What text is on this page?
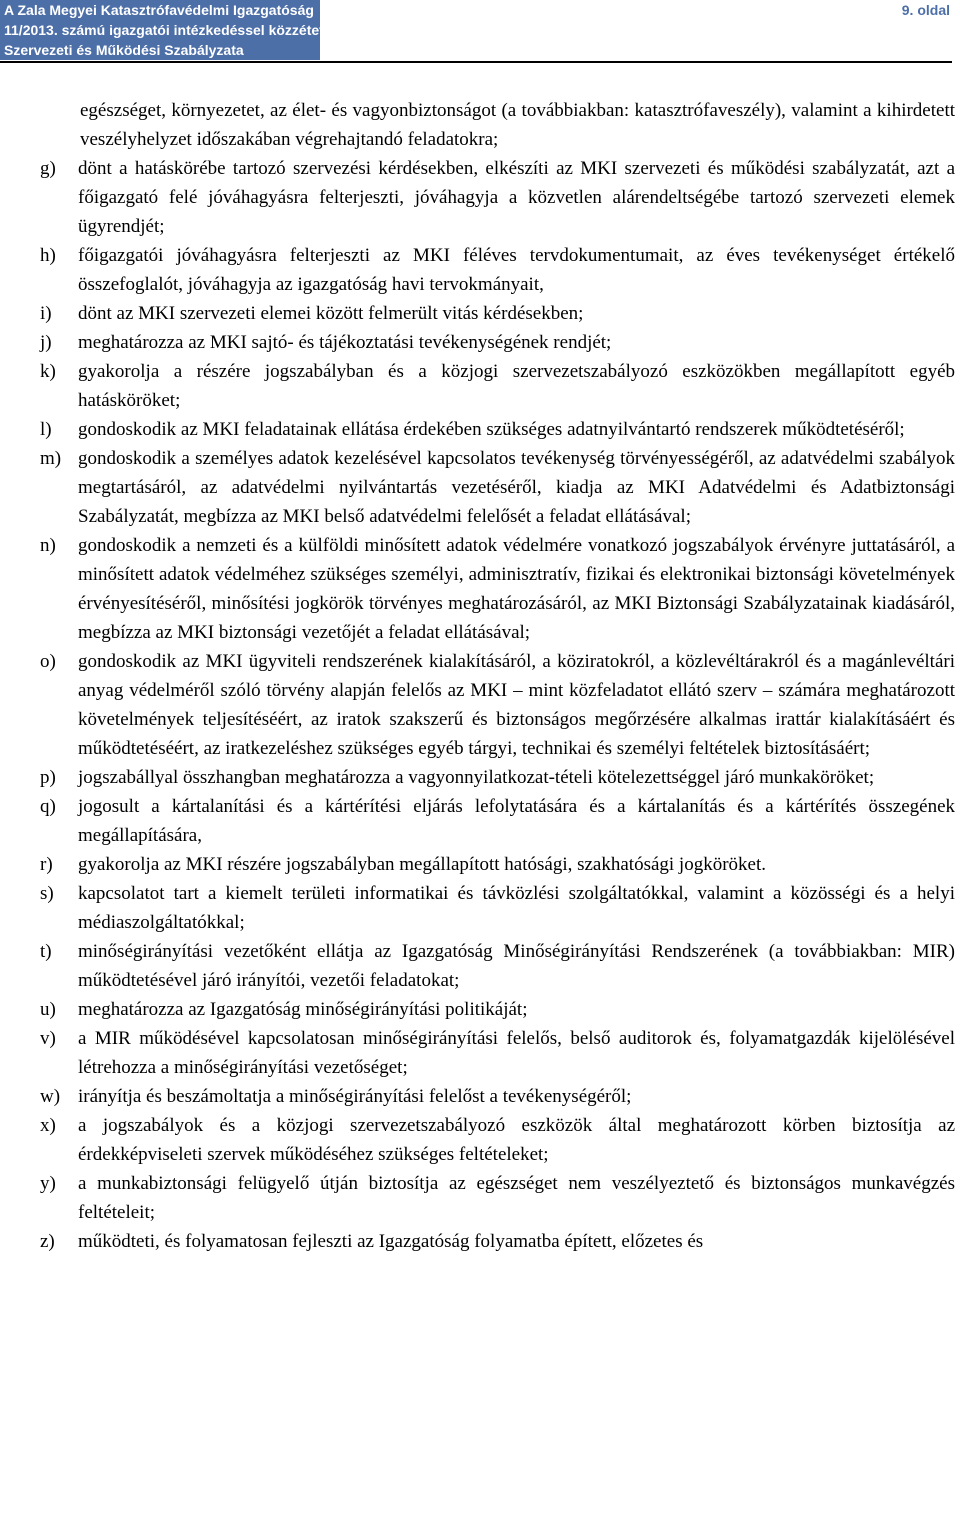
A Zala Megyei Katasztrófavédelmi Igazgatóság
11/2013. számú igazgatói intézkedéssel közzétett
Szervezeti és Működési Szabályzata
9. oldal

egészséget, környezetet, az élet- és vagyonbiztonságot (a továbbiakban: katasztrófaveszély), valamint a kihirdetett veszélyhelyzet időszakában végrehajtandó feladatokra;

g)	dönt a hatáskörébe tartozó szervezési kérdésekben, elkészíti az MKI szervezeti és működési szabályzatát, azt a főigazgató felé jóváhagyásra felterjeszti, jóváhagyja a közvetlen alárendeltségébe tartozó szervezeti elemek ügyrendjét;
h)	főigazgatói jóváhagyásra felterjeszti az MKI féléves tervdokumentumait, az éves tevékenységet értékelő összefoglalót, jóváhagyja az igazgatóság havi tervokmányait,
i)	dönt az MKI szervezeti elemei között felmerült vitás kérdésekben;
j)	meghatározza az MKI sajtó- és tájékoztatási tevékenységének rendjét;
k)	gyakorolja a részére jogszabályban és a közjogi szervezetszabályozó eszközökben megállapított egyéb hatásköröket;
l)	gondoskodik az MKI feladatainak ellátása érdekében szükséges adatnyilvántartó rendszerek működtetéséről;
m) gondoskodik a személyes adatok kezelésével kapcsolatos tevékenység törvényességéről, az adatvédelmi szabályok megtartásáról, az adatvédelmi nyilvántartás vezetéséről, kiadja az MKI Adatvédelmi és Adatbiztonsági Szabályzatát, megbízza az MKI belső adatvédelmi felelősét a feladat ellátásával;
n)	gondoskodik a nemzeti és a külföldi minősített adatok védelmére vonatkozó jogszabályok érvényre juttatásáról, a minősített adatok védelméhez szükséges személyi, adminisztratív, fizikai és elektronikai biztonsági követelmények érvényesítéséről, minősítési jogkörök törvényes meghatározásáról, az MKI Biztonsági Szabályzatainak kiadásáról, megbízza az MKI biztonsági vezetőjét a feladat ellátásával;
o)	gondoskodik az MKI ügyviteli rendszerének kialakításáról, a köziratokról, a közlevéltárakról és a magánlevéltári anyag védelméről szóló törvény alapján felelős az MKI – mint közfeladatot ellátó szerv – számára meghatározott követelmények teljesítéséért, az iratok szakszerű és biztonságos megőrzésére alkalmas irattár kialakításáért és működtetéséért, az iratkezeléshez szükséges egyéb tárgyi, technikai és személyi feltételek biztosításáért;
p)	jogszabállyal összhangban meghatározza a vagyonnyilatkozat-tételi kötelezettséggel járó munkaköröket;
q)	jogosult a kártalanítási és a kártérítési eljárás lefolytatására és a kártalanítás és a kártérítés összegének megállapítására,
r)	gyakorolja az MKI részére jogszabályban megállapított hatósági, szakhatósági jogköröket.
s)	kapcsolatot tart a kiemelt területi informatikai és távközlési szolgáltatókkal, valamint a közösségi és a helyi médiaszolgáltatókkal;
t)	minőségirányítási vezetőként ellátja az Igazgatóság Minőségirányítási Rendszerének (a továbbiakban: MIR) működtetésével járó irányítói, vezetői feladatokat;
u)	meghatározza az Igazgatóság minőségirányítási politikáját;
v)	a MIR működésével kapcsolatosan minőségirányítási felelős, belső auditorok és, folyamatgazdák kijelölésével létrehozza a minőségirányítási vezetőséget;
w) irányítja és beszámoltatja a minőségirányítási felelőst a tevékenységéről;
x)	a jogszabályok és a közjogi szervezetszabályozó eszközök által meghatározott körben biztosítja az érdekképviseleti szervek működéséhez szükséges feltételeket;
y)	a munkabiztonsági felügyelő útján biztosítja az egészséget nem veszélyeztető és biztonságos munkavégzés feltételeit;
z)	működteti, és folyamatosan fejleszti az Igazgatóság folyamatba épített, előzetes és
